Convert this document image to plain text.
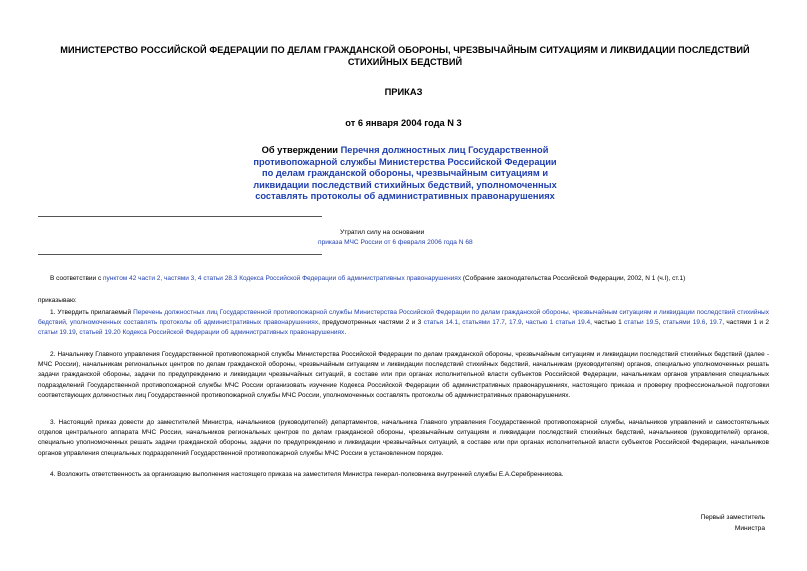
МИНИСТЕРСТВО РОССИЙСКОЙ ФЕДЕРАЦИИ ПО ДЕЛАМ ГРАЖДАНСКОЙ ОБОРОНЫ, ЧРЕЗВЫЧАЙНЫМ СИТУАЦИЯМ И ЛИКВИДАЦИИ ПОСЛЕДСТВИЙ СТИХИЙНЫХ БЕДСТВИЙ
ПРИКАЗ
от 6 января 2004 года N 3
Об утверждении Перечня должностных лиц Государственной противопожарной службы Министерства Российской Федерации по делам гражданской обороны, чрезвычайным ситуациям и ликвидации последствий стихийных бедствий, уполномоченных составлять протоколы об административных правонарушениях
Утратил силу на основании
приказа МЧС России от 6 февраля 2006 года N 68
В соответствии с пунктом 42 части 2, частями 3, 4 статьи 28.3 Кодекса Российской Федерации об административных правонарушениях (Собрание законодательства Российской Федерации, 2002, N 1 (ч.I), ст.1)
приказываю:
1. Утвердить прилагаемый Перечень должностных лиц Государственной противопожарной службы Министерства Российской Федерации по делам гражданской обороны, чрезвычайным ситуациям и ликвидации последствий стихийных бедствий, уполномоченных составлять протоколы об административных правонарушениях, предусмотренных частями 2 и 3 статья 14.1, статьями 17.7, 17.9, частью 1 статьи 19.4, частью 1 статьи 19.5, статьями 19.6, 19.7, частями 1 и 2 статьи 19.19, статьей 19.20 Кодекса Российской Федерации об административных правонарушениях.
2. Начальнику Главного управления Государственной противопожарной службы Министерства Российской Федерации по делам гражданской обороны, чрезвычайным ситуациям и ликвидации последствий стихийных бедствий (далее - МЧС России), начальникам региональных центров по делам гражданской обороны, чрезвычайным ситуациям и ликвидации последствий стихийных бедствий, начальникам (руководителям) органов, специально уполномоченных решать задачи гражданской обороны, задачи по предупреждению и ликвидации чрезвычайных ситуаций, в составе или при органах исполнительной власти субъектов Российской Федерации, начальникам органов управления специальных подразделений Государственной противопожарной службы МЧС России организовать изучение Кодекса Российской Федерации об административных правонарушениях, настоящего приказа и проверку профессиональной подготовки соответствующих должностных лиц Государственной противопожарной службы МЧС России, уполномоченных составлять протоколы об административных правонарушениях.
3. Настоящий приказ довести до заместителей Министра, начальников (руководителей) департаментов, начальника Главного управления Государственной противопожарной службы, начальников управлений и самостоятельных отделов центрального аппарата МЧС России, начальников региональных центров по делам гражданской обороны, чрезвычайным ситуациям и ликвидации последствий стихийных бедствий, начальников (руководителей) органов, специально уполномоченных решать задачи гражданской обороны, задачи по предупреждению и ликвидации чрезвычайных ситуаций, в составе или при органах исполнительной власти субъектов Российской Федерации, начальников органов управления специальных подразделений Государственной противопожарной службы МЧС России в установленном порядке.
4. Возложить ответственность за организацию выполнения настоящего приказа на заместителя Министра генерал-полковника внутренней службы Е.А.Серебренникова.
Первый заместитель
Министра
